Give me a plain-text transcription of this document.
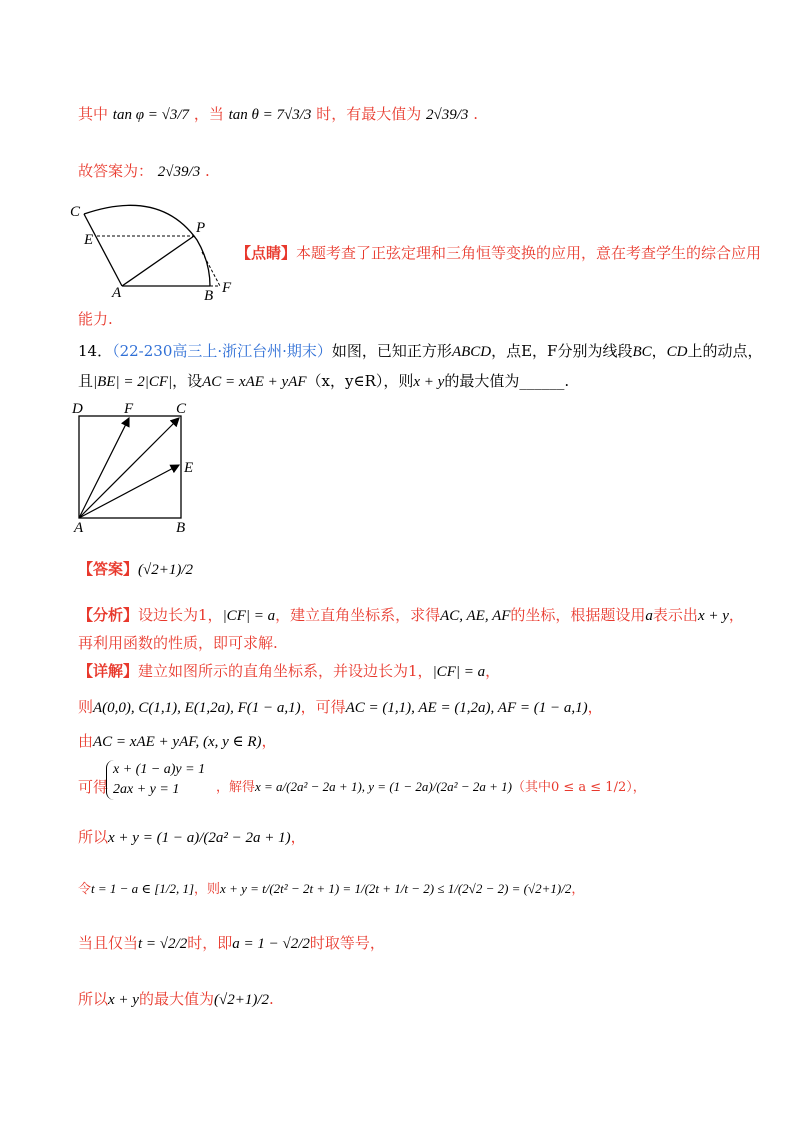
其中 tan φ = √3/7 ，当 tan θ = 7√3/3 时，有最大值为 2√39/3 .
故答案为： 2√39/3 .
C
E
P
A	B F
【点睛】本题考查了正弦定理和三角恒等变换的应用，意在考查学生的综合应用
能力.
14．（22-230高三上·浙江台州·期末）如图，已知正方形ABCD，点E，F分别为线段BC，CD上的动点，
且|BE| = 2|CF|，设AC = xAE + yAF（x，y∈R），则x + y的最大值为______.
D	F	C
E
A	B
【答案】(√2+1)/2
【分析】设边长为1，|CF| = a，建立直角坐标系，求得AC, AE, AF的坐标，根据题设用a表示出x + y，
再利用函数的性质，即可求解.
【详解】建立如图所示的直角坐标系，并设边长为1，|CF| = a，
则A(0,0), C(1,1), E(1,2a), F(1 − a,1)，可得AC = (1,1), AE = (1,2a), AF = (1 − a,1)，
由AC = xAE + yAF, (x, y ∈ R)，
可得
x + (1 − a)y = 1
2ax + y = 1	，解得x = a/(2a² − 2a + 1), y = (1 − 2a)/(2a² − 2a + 1)（其中0 ≤ a ≤ 1/2），
所以x + y = (1 − a)/(2a² − 2a + 1)，
令t = 1 − a ∈ [1/2, 1]，则x + y = t/(2t² − 2t + 1) = 1/(2t + 1/t − 2) ≤ 1/(2√2 − 2) = (√2+1)/2，
当且仅当t = √2/2时，即a = 1 − √2/2时取等号，
所以x + y的最大值为(√2+1)/2.
